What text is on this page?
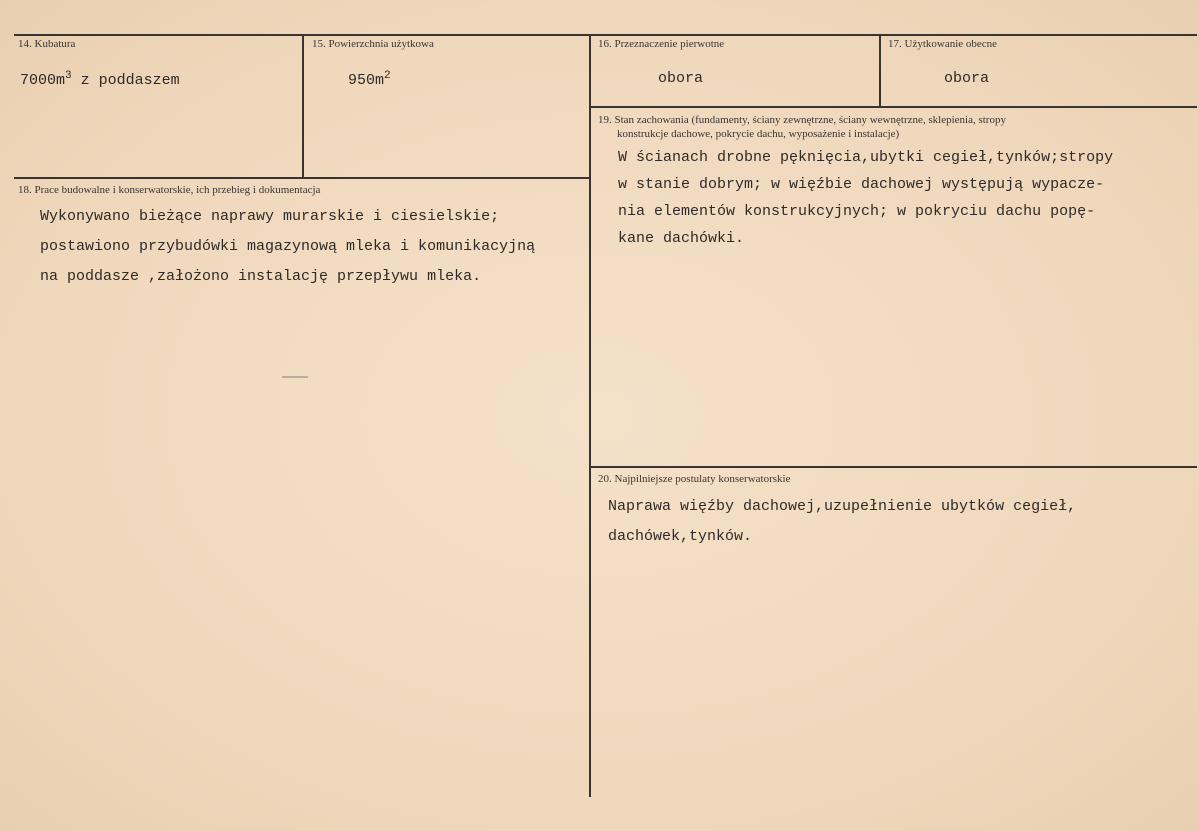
14. Kubatura
$7000m^3$ z poddaszem
15. Powierzchnia użytkowa
$950m^2$
16. Przeznaczenie pierwotne
obora
17. Użytkowanie obecne
obora
19. Stan zachowania (fundamenty, ściany zewnętrzne, ściany wewnętrzne, sklepienia, stropy
konstrukcje dachowe, pokrycie dachu, wyposażenie i instalacje)
W ścianach drobne pęknięcia,ubytki cegieł,tynków;stropy
w stanie dobrym; w więźbie dachowej występują wypacze-
nia elementów konstrukcyjnych; w pokryciu dachu popę-
kane dachówki.
18. Prace budowalne i konserwatorskie, ich przebieg i dokumentacja
Wykonywano bieżące naprawy murarskie i ciesielskie;
postawiono przybudówki magazynową mleka i komunikacyjną
na poddasze ,założono instalację przepływu mleka.
20. Najpilniejsze postulaty konserwatorskie
Naprawa więźby dachowej,uzupełnienie ubytków cegieł,
dachówek,tynków.
